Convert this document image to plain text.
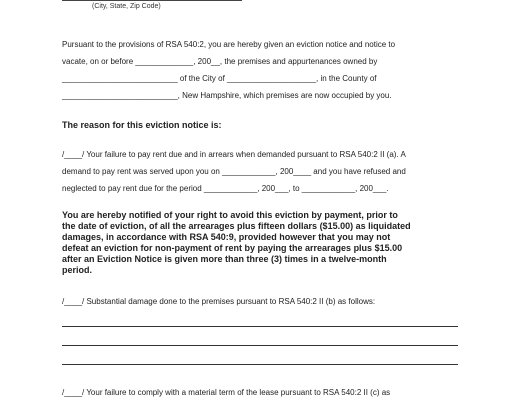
(City, State, Zip Code)
Pursuant to the provisions of RSA 540:2, you are hereby given an eviction notice and notice to
vacate, on or before _____________, 200__, the premises and appurtenances owned by
__________________________ of the City of ____________________, in the County of
__________________________, New Hampshire, which premises are now occupied by you.
The reason for this eviction notice is:
/____/ Your failure to pay rent due and in arrears when demanded pursuant to RSA 540:2 II (a). A
demand to pay rent was served upon you on ____________, 200____ and you have refused and
neglected to pay rent due for the period ____________, 200___, to ____________, 200___.
You are hereby notified of your right to avoid this eviction by payment, prior to
the date of eviction, of all the arrearages plus fifteen dollars ($15.00) as liquidated
damages, in accordance with RSA 540:9, provided however that you may not
defeat an eviction for non-payment of rent by paying the arrearages plus $15.00
after an Eviction Notice is given more than three (3) times in a twelve-month
period.
/____/ Substantial damage done to the premises pursuant to RSA 540:2 II (b) as follows:
/____/ Your failure to comply with a material term of the lease pursuant to RSA 540:2 II (c) as
